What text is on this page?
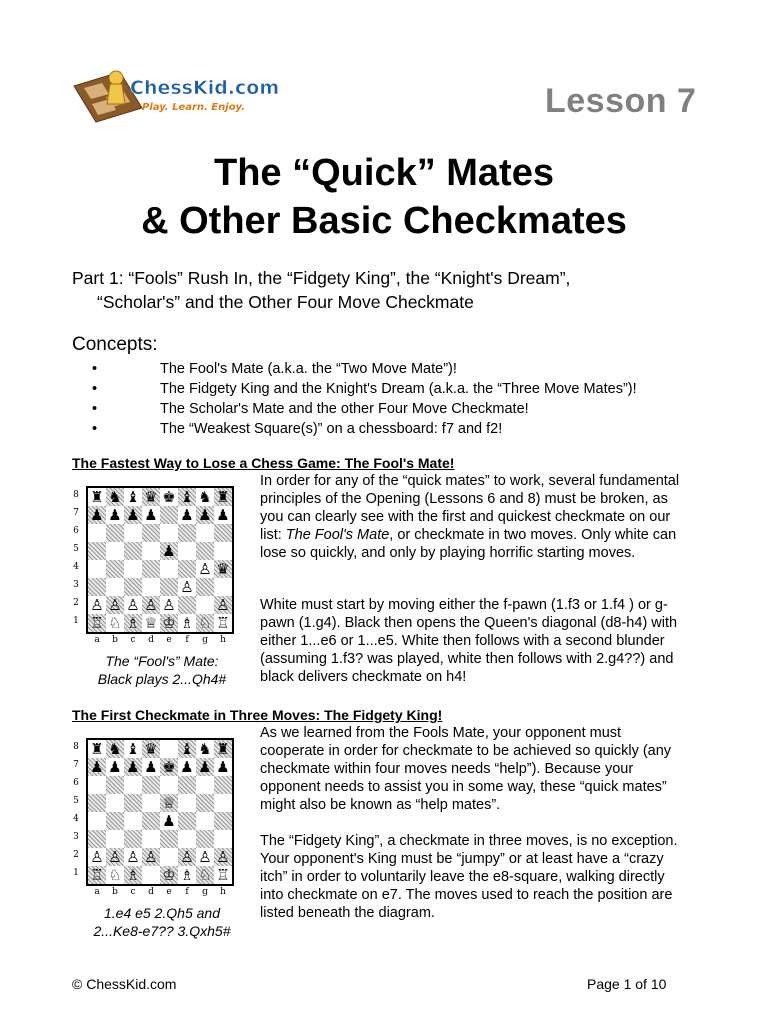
ChessKid.com
Play. Learn. Enjoy.	Lesson 7
The “Quick” Mates
& Other Basic Checkmates
Part 1: “Fools” Rush In, the “Fidgety King”, the “Knight's Dream”,
“Scholar's” and the Other Four Move Checkmate
Concepts:
•	The Fool's Mate (a.k.a. the “Two Move Mate”)!
•	The Fidgety King and the Knight's Dream (a.k.a. the “Three Move Mates”)!
•	The Scholar's Mate and the other Four Move Checkmate!
•	The “Weakest Square(s)” on a chessboard: f7 and f2!
The Fastest Way to Lose a Chess Game: The Fool's Mate!
8
7
6
5
4
3
2
1
♜ ♞ ♝ ♛ ♚ ♝ ♞ ♜
♟ ♟ ♟ ♟ ♟ ♟ ♟
♟
♙ ♛
♙
♙ ♙ ♙ ♙ ♙	♙
♖ ♘ ♗ ♕ ♔ ♗ ♘ ♖
a	b	c	d	e	f	g	h
The “Fool's” Mate:
Black plays 2...Qh4#
In order for any of the “quick mates” to work, several fundamental principles of the Opening (Lessons 6 and 8) must be broken, as you can clearly see with the first and quickest checkmate on our list: The Fool's Mate, or checkmate in two moves. Only white can lose so quickly, and only by playing horrific starting moves.
White must start by moving either the f-pawn (1.f3 or 1.f4 ) or g-pawn (1.g4). Black then opens the Queen's diagonal (d8-h4) with either 1...e6 or 1...e5. White then follows with a second blunder (assuming 1.f3? was played, white then follows with 2.g4??) and black delivers checkmate on h4!
The First Checkmate in Three Moves: The Fidgety King!
8
7
6
5
4
3
2
1
♜ ♞ ♝ ♛ ♝ ♞ ♜
♟ ♟ ♟ ♟ ♚ ♟ ♟ ♟
♕
♟
♙ ♙ ♙ ♙ ♙ ♙ ♙
♖ ♘ ♗ ♔ ♗ ♘ ♖
a	b	c	d	e	f	g	h
1.e4 e5 2.Qh5 and
2...Ke8-e7?? 3.Qxh5#
As we learned from the Fools Mate, your opponent must cooperate in order for checkmate to be achieved so quickly (any checkmate within four moves needs “help”). Because your opponent needs to assist you in some way, these “quick mates” might also be known as “help mates”.
The “Fidgety King”, a checkmate in three moves, is no exception. Your opponent's King must be “jumpy” or at least have a “crazy itch” in order to voluntarily leave the e8-square, walking directly into checkmate on e7. The moves used to reach the position are listed beneath the diagram.
© ChessKid.com	Page 1 of 10
